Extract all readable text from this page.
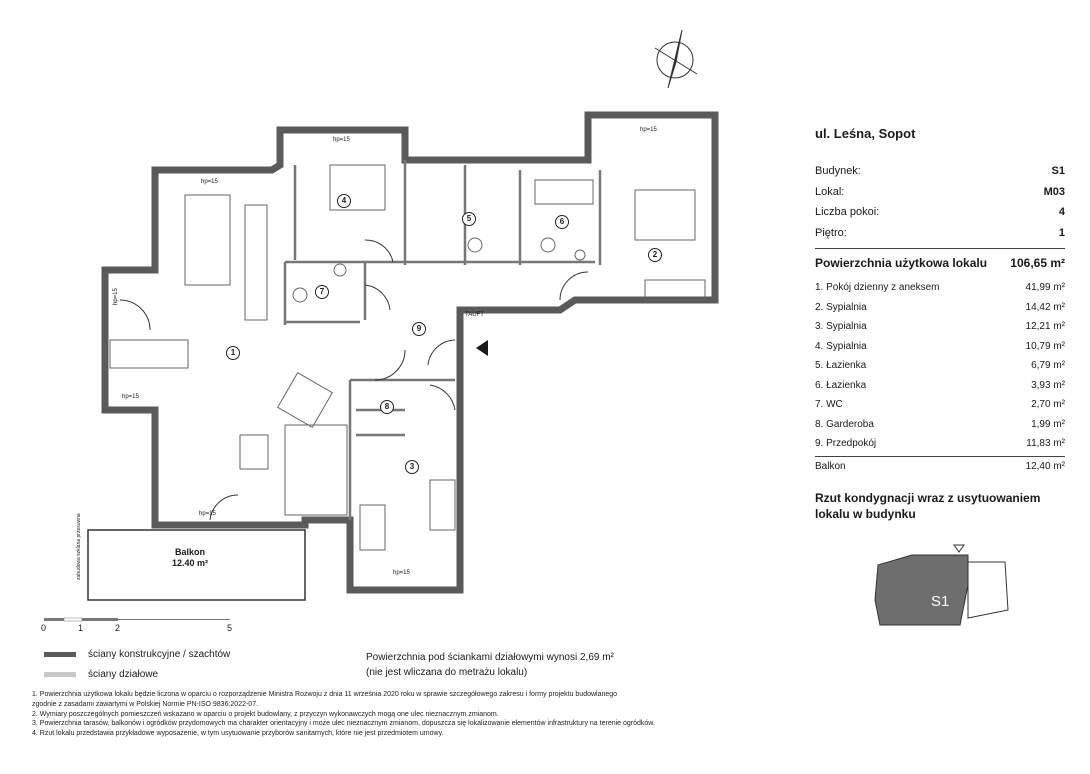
1
2
3
4
5	6
7
8
9
hp=15
hp=15
hp=15
hp=15
hp=15
hp=15
hp=15
TAUFT
zabudowa szklana przesuwna	Balkon
12.40 m²
0	1	2	5
S1
ul. Leśna, Sopot
Budynek:	S1
Lokal:	M03
Liczba pokoi:	4
Piętro:	1
Powierzchnia użytkowa lokalu 106,65 m²
1. Pokój dzienny z aneksem	41,99 m²
2. Sypialnia	14,42 m²
3. Sypialnia	12,21 m²
4. Sypialnia	10,79 m²
5. Łazienka	6,79 m²
6. Łazienka	3,93 m²
7. WC	2,70 m²
8. Garderoba	1,99 m²
9. Przedpokój	11,83 m²
Balkon	12,40 m²
Rzut kondygnacji wraz z usytuowaniem lokalu w budynku
ściany konstrukcyjne / szachtów
ściany działowe
Powierzchnia pod ściankami działowymi wynosi 2,69 m²
(nie jest wliczana do metrażu lokalu)
1. Powierzchnia użytkowa lokalu będzie liczona w oparciu o rozporządzenie Ministra Rozwoju z dnia 11 września 2020 roku w sprawie szczegółowego zakresu i formy projektu budowlanego
zgodnie z zasadami zawartymi w Polskiej Normie PN-ISO 9836:2022-07.
2. Wymiary poszczególnych pomieszczeń wskazano w oparciu o projekt budowlany, z przyczyn wykonawczych mogą one ulec nieznacznym zmianom.
3. Powierzchnia tarasów, balkonów i ogródków przydomowych ma charakter orientacyjny i może ulec nieznacznym zmianom, dopuszcza się lokalizowanie elementów infrastruktury na terenie ogródków.
4. Rzut lokalu przedstawia przykładowe wyposażenie, w tym usytuowanie przyborów sanitarnych, które nie jest przedmiotem umowy.
